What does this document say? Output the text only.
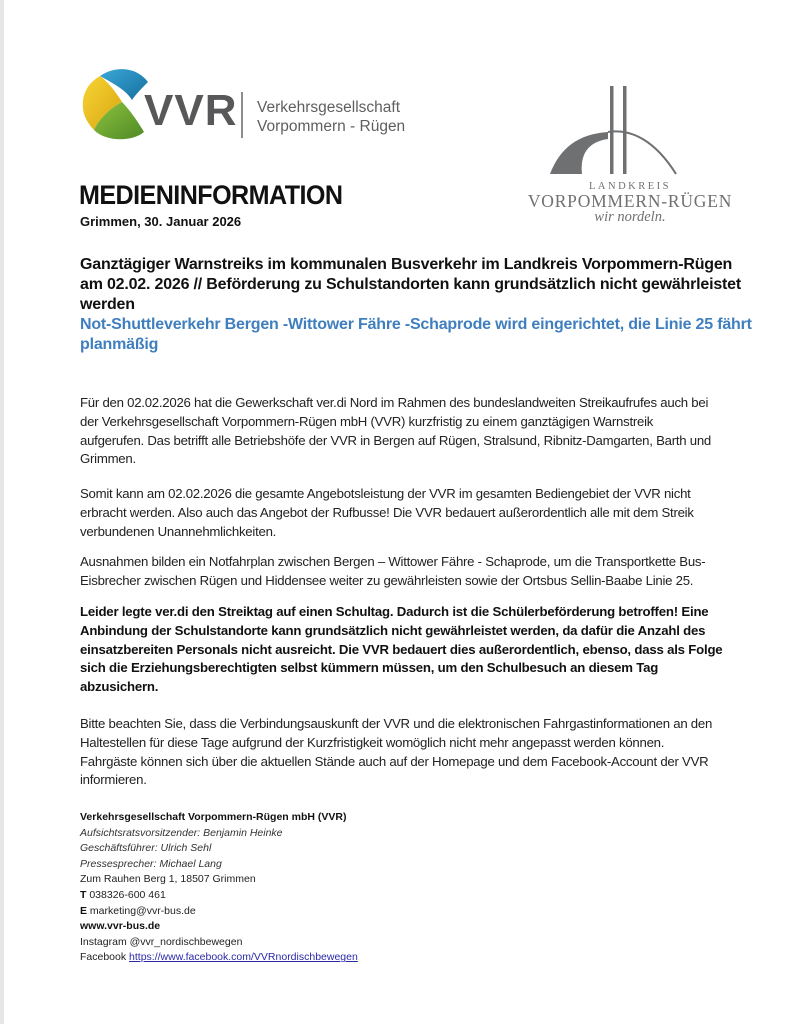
VVR Verkehrsgesellschaft
Vorpommern - Rügen
LANDKREIS
VORPOMMERN-RÜGEN
wir nordeln.
MEDIENINFORMATION
Grimmen, 30. Januar 2026
Ganztägiger Warnstreiks im kommunalen Busverkehr im Landkreis Vorpommern-Rügen
am 02.02. 2026 // Beförderung zu Schulstandorten kann grundsätzlich nicht gewährleistet
werden
Not-Shuttleverkehr Bergen -Wittower Fähre -Schaprode wird eingerichtet, die Linie 25 fährt
planmäßig
Für den 02.02.2026 hat die Gewerkschaft ver.di Nord im Rahmen des bundeslandweiten Streikaufrufes auch bei
der Verkehrsgesellschaft Vorpommern-Rügen mbH (VVR) kurzfristig zu einem ganztägigen Warnstreik
aufgerufen. Das betrifft alle Betriebshöfe der VVR in Bergen auf Rügen, Stralsund, Ribnitz-Damgarten, Barth und
Grimmen.
Somit kann am 02.02.2026 die gesamte Angebotsleistung der VVR im gesamten Bediengebiet der VVR nicht
erbracht werden. Also auch das Angebot der Rufbusse! Die VVR bedauert außerordentlich alle mit dem Streik
verbundenen Unannehmlichkeiten.
Ausnahmen bilden ein Notfahrplan zwischen Bergen – Wittower Fähre - Schaprode, um die Transportkette Bus-
Eisbrecher zwischen Rügen und Hiddensee weiter zu gewährleisten sowie der Ortsbus Sellin-Baabe Linie 25.
Leider legte ver.di den Streiktag auf einen Schultag. Dadurch ist die Schülerbeförderung betroffen! Eine
Anbindung der Schulstandorte kann grundsätzlich nicht gewährleistet werden, da dafür die Anzahl des
einsatzbereiten Personals nicht ausreicht. Die VVR bedauert dies außerordentlich, ebenso, dass als Folge
sich die Erziehungsberechtigten selbst kümmern müssen, um den Schulbesuch an diesem Tag
abzusichern.
Bitte beachten Sie, dass die Verbindungsauskunft der VVR und die elektronischen Fahrgastinformationen an den
Haltestellen für diese Tage aufgrund der Kurzfristigkeit womöglich nicht mehr angepasst werden können.
Fahrgäste können sich über die aktuellen Stände auch auf der Homepage und dem Facebook-Account der VVR
informieren.
Verkehrsgesellschaft Vorpommern-Rügen mbH (VVR)
Aufsichtsratsvorsitzender: Benjamin Heinke
Geschäftsführer: Ulrich Sehl
Pressesprecher: Michael Lang
Zum Rauhen Berg 1, 18507 Grimmen
T 038326-600 461
E marketing@vvr-bus.de
www.vvr-bus.de
Instagram @vvr_nordischbewegen
Facebook https://www.facebook.com/VVRnordischbewegen
